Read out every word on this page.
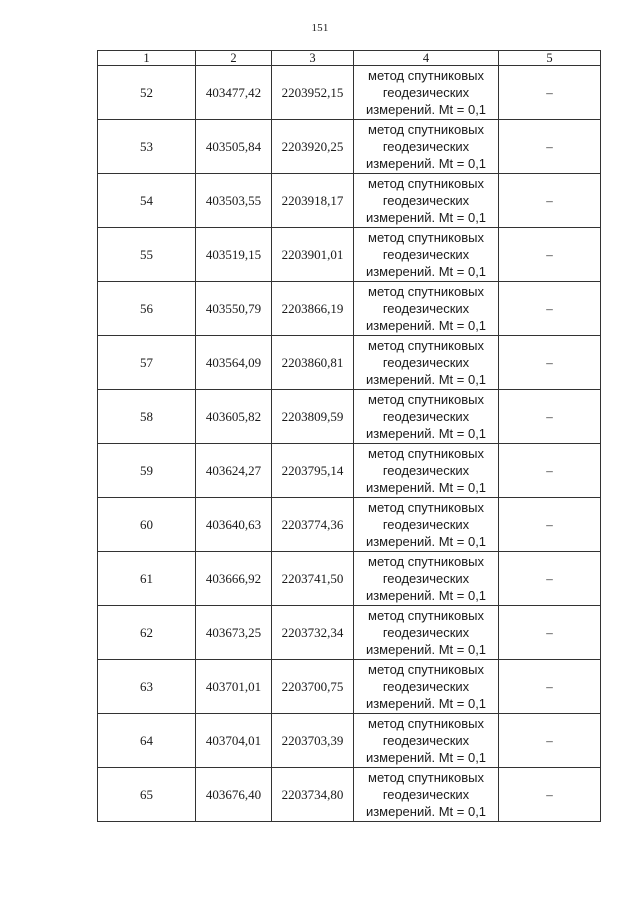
151
1	2	3	4	5
52	403477,42	2203952,15	метод спутниковых
геодезических
измерений. Mt = 0,1	–
53	403505,84	2203920,25	метод спутниковых
геодезических
измерений. Mt = 0,1	–
54	403503,55	2203918,17	метод спутниковых
геодезических
измерений. Mt = 0,1	–
55	403519,15	2203901,01	метод спутниковых
геодезических
измерений. Mt = 0,1	–
56	403550,79	2203866,19	метод спутниковых
геодезических
измерений. Mt = 0,1	–
57	403564,09	2203860,81	метод спутниковых
геодезических
измерений. Mt = 0,1	–
58	403605,82	2203809,59	метод спутниковых
геодезических
измерений. Mt = 0,1	–
59	403624,27	2203795,14	метод спутниковых
геодезических
измерений. Mt = 0,1	–
60	403640,63	2203774,36	метод спутниковых
геодезических
измерений. Mt = 0,1	–
61	403666,92	2203741,50	метод спутниковых
геодезических
измерений. Mt = 0,1	–
62	403673,25	2203732,34	метод спутниковых
геодезических
измерений. Mt = 0,1	–
63	403701,01	2203700,75	метод спутниковых
геодезических
измерений. Mt = 0,1	–
64	403704,01	2203703,39	метод спутниковых
геодезических
измерений. Mt = 0,1	–
65	403676,40	2203734,80	метод спутниковых
геодезических
измерений. Mt = 0,1	–
